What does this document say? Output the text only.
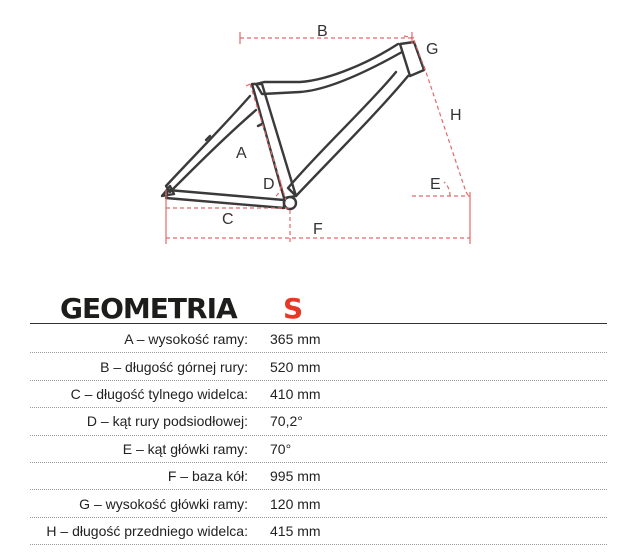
B
G
H
A
D	E
C
F
GEOMETRIA S
A – wysokość ramy:	365 mm
B – długość górnej rury:	520 mm
C – długość tylnego widelca:	410 mm
D – kąt rury podsiodłowej:	70,2°
E – kąt główki ramy:	70°
F – baza kół:	995 mm
G – wysokość główki ramy:	120 mm
H – długość przedniego widelca:	415 mm
